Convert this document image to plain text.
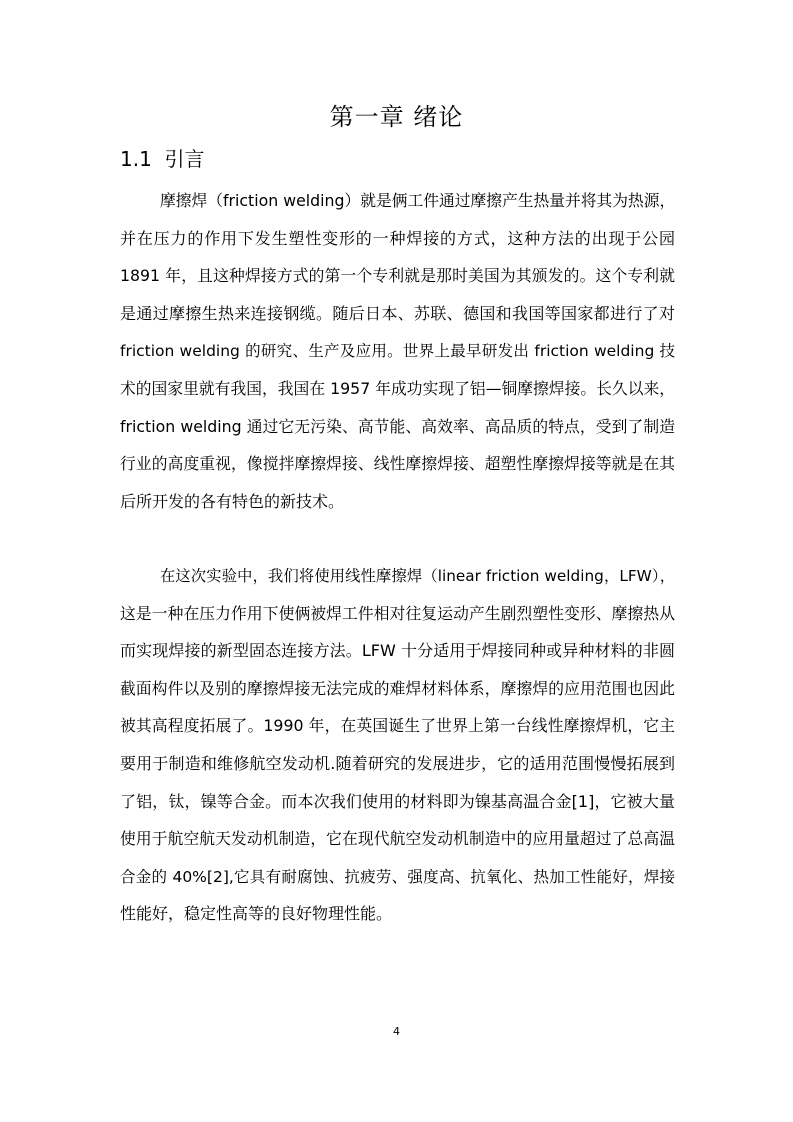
第一章 绪论
1.1 引言
摩擦焊（friction welding）就是俩工件通过摩擦产生热量并将其为热源，
并在压力的作用下发生塑性变形的一种焊接的方式，这种方法的出现于公园
1891 年，且这种焊接方式的第一个专利就是那时美国为其颁发的。这个专利就
是通过摩擦生热来连接钢缆。随后日本、苏联、德国和我国等国家都进行了对
friction welding 的研究、生产及应用。世界上最早研发出 friction welding 技
术的国家里就有我国，我国在 1957 年成功实现了铝—铜摩擦焊接。长久以来，
friction welding 通过它无污染、高节能、高效率、高品质的特点，受到了制造
行业的高度重视，像搅拌摩擦焊接、线性摩擦焊接、超塑性摩擦焊接等就是在其
后所开发的各有特色的新技术。
在这次实验中，我们将使用线性摩擦焊（linear friction welding，LFW），
这是一种在压力作用下使俩被焊工件相对往复运动产生剧烈塑性变形、摩擦热从
而实现焊接的新型固态连接方法。LFW 十分适用于焊接同种或异种材料的非圆
截面构件以及别的摩擦焊接无法完成的难焊材料体系，摩擦焊的应用范围也因此
被其高程度拓展了。1990 年，在英国诞生了世界上第一台线性摩擦焊机，它主
要用于制造和维修航空发动机.随着研究的发展进步，它的适用范围慢慢拓展到
了铝，钛，镍等合金。而本次我们使用的材料即为镍基高温合金[1]，它被大量
使用于航空航天发动机制造，它在现代航空发动机制造中的应用量超过了总高温
合金的 40%[2],它具有耐腐蚀、抗疲劳、强度高、抗氧化、热加工性能好，焊接
性能好，稳定性高等的良好物理性能。
4
